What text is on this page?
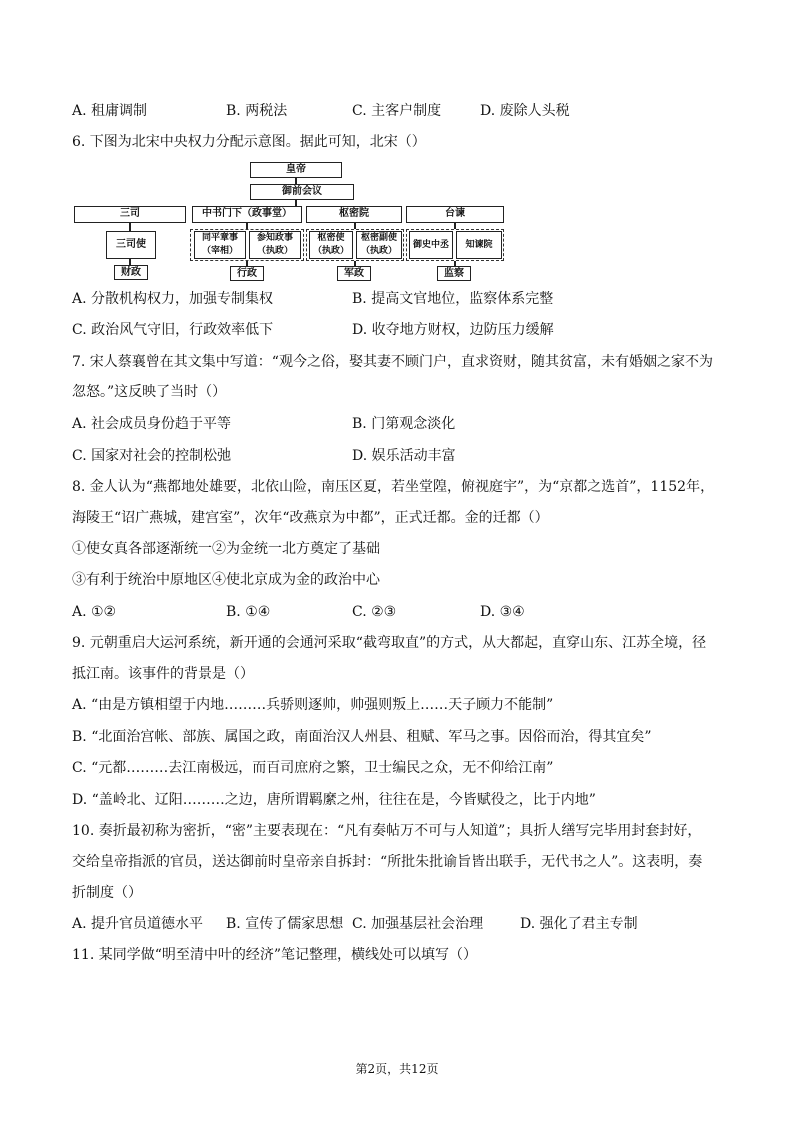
A. 租庸调制	B. 两税法	C. 主客户制度	D. 废除人头税
6. 下图为北宋中央权力分配示意图。据此可知，北宋（）
皇帝
御前会议
三司	中书门下（政事堂）	枢密院	台谏
三司使
财政
同平章事（宰相）
参知政事（执政）
行政
枢密使（执政）
枢密副使（执政）
军政
御史中丞	知谏院
监察
A. 分散机构权力，加强专制集权	B. 提高文官地位，监察体系完整
C. 政治风气守旧，行政效率低下	D. 收夺地方财权，边防压力缓解
7. 宋人蔡襄曾在其文集中写道：“观今之俗，娶其妻不顾门户，直求资财，随其贫富，未有婚姻之家不为
忽怒。”这反映了当时（）
A. 社会成员身份趋于平等	B. 门第观念淡化
C. 国家对社会的控制松弛	D. 娱乐活动丰富
8. 金人认为“燕都地处雄要，北依山险，南压区夏，若坐堂隍，俯视庭宇”，为“京都之选首”，1152年，
海陵王“诏广燕城，建宫室”，次年“改燕京为中都”，正式迁都。金的迁都（）
①使女真各部逐渐统一②为金统一北方奠定了基础
③有利于统治中原地区④使北京成为金的政治中心
A. ①②	B. ①④	C. ②③	D. ③④
9. 元朝重启大运河系统，新开通的会通河采取“截弯取直”的方式，从大都起，直穿山东、江苏全境，径
抵江南。该事件的背景是（）
A. “由是方镇相望于内地………兵骄则逐帅，帅强则叛上……天子顾力不能制”
B. “北面治宫帐、部族、属国之政，南面治汉人州县、租赋、军马之事。因俗而治，得其宜矣”
C. “元都………去江南极远，而百司庶府之繁，卫士编民之众，无不仰给江南”
D. “盖岭北、辽阳………之边，唐所谓羁縻之州，往往在是，今皆赋役之，比于内地”
10. 奏折最初称为密折，“密”主要表现在：“凡有奏帖万不可与人知道”；具折人缮写完毕用封套封好，
交给皇帝指派的官员，送达御前时皇帝亲自拆封：“所批朱批谕旨皆出联手，无代书之人”。这表明，奏
折制度（）
A. 提升官员道德水平 B. 宣传了儒家思想 C. 加强基层社会治理	D. 强化了君主专制
11. 某同学做“明至清中叶的经济”笔记整理，横线处可以填写（）
第2页，共12页
